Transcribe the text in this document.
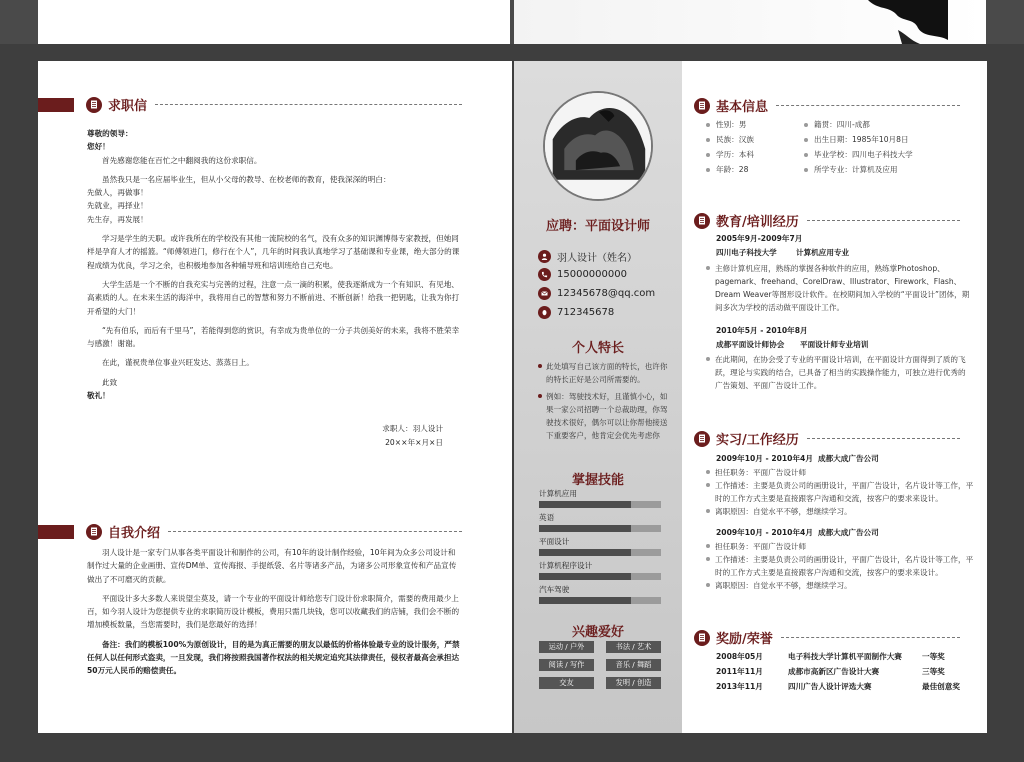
求职信
尊敬的领导：
您好！

首先感谢您能在百忙之中翻阅我的这份求职信。

虽然我只是一名应届毕业生，但从小父母的教导、在校老师的教育，使我深深的明白：
先做人，再做事！
先就业，再择业！
先生存，再发展！

学习是学生的天职。或许我所在的学校没有其他一流院校的名气，没有众多的知识渊博得专家教授，但她同样是孕育人才的摇篮。“师傅领进门，修行在个人”，几年的时间我认真地学习了基础课和专业课，绝大部分的课程成绩为优良，学习之余，也积极地参加各种辅导班和培训班给自己充电。

大学生活是一个不断的自我充实与完善的过程，注意一点一滴的积累，使我逐渐成为一个有知识、有见地、高素质的人。在未来生活的海洋中，我将用自己的智慧和努力不断前进、不断创新！给我一把钥匙，让我为你打开希望的大门！

“先有伯乐，而后有千里马”，若能得到您的赏识，有幸成为贵单位的一分子共创美好的未来，我将不胜荣幸与感激！谢谢。

在此，谨祝贵单位事业兴旺发达、蒸蒸日上。

此致
敬礼！
求职人：羽人设计
20××年×月×日
自我介绍

羽人设计是一家专门从事各类平面设计和制作的公司，有10年的设计制作经验，10年间为众多公司设计和制作过大量的企业画册、宣传DM单、宣传海报、手提纸袋、名片等诸多产品，为诸多公司形象宣传和产品宣传做出了不可磨灭的贡献。

平面设计多大多数人来说望尘莫及，请一个专业的平面设计师给您专门设计份求职简介，需要的费用最少上百，如今羽人设计为您提供专业的求职简历设计模板，费用只需几块钱，您可以收藏我们的店铺，我们会不断的增加模板数量，当您需要时，我们是您最好的选择！

备注：我们的模板100%为原创设计，目的是为真正需要的朋友以最低的价格体验最专业的设计服务，严禁任何人以任何形式盗卖，一旦发现，我们将按照我国著作权法的相关规定追究其法律责任，侵权者最高会承担达50万元人民币的赔偿责任。

应聘：平面设计师
羽人设计（姓名）
15000000000
12345678@qq.com
712345678
个人特长
此处填写自己该方面的特长，也许你的特长正好是公司所需要的。
例如：驾驶技术好，且谨慎小心，如果一家公司招聘一个总裁助理，你驾驶技术很好，偶尔可以让你帮他接送下重要客户，他肯定会优先考虑你
掌握技能
计算机应用
英语
平面设计
计算机程序设计
汽车驾驶
兴趣爱好
运动 / 户外	书法 / 艺术
阅读 / 写作	音乐 / 舞蹈
交友	发明 / 创造
基本信息
性别：男
民族：汉族
学历：本科
年龄：28
籍贯：四川-成都
出生日期：1985年10月8日
毕业学校：四川电子科技大学
所学专业：计算机及应用
教育/培训经历
2005年9月-2009年7月
四川电子科技大学	计算机应用专业
主修计算机应用，熟练的掌握各种软件的应用，熟练掌Photoshop、pagemark、freehand、CorelDraw、Illustrator、Firework、Flash、Dream Weaver等图形设计软件。在校期间加入学校的“平面设计”团体，期间多次为学校的活动做平面设计工作。
2010年5月 - 2010年8月
成都平面设计师协会 平面设计师专业培训
在此期间，在协会受了专业的平面设计培训，在平面设计方面得到了质的飞跃，理论与实践的结合，已具备了相当的实践操作能力，可独立进行优秀的广告策划、平面广告设计工作。
实习/工作经历
2009年10月 - 2010年4月 成都大成广告公司
担任职务：平面广告设计师
工作描述：主要是负责公司的画册设计，平面广告设计，名片设计等工作，平时的工作方式主要是直接跟客户沟通和交流，按客户的要求来设计。
离职原因：自觉水平不够，想继续学习。
2009年10月 - 2010年4月 成都大成广告公司
担任职务：平面广告设计师
工作描述：主要是负责公司的画册设计，平面广告设计，名片设计等工作，平时的工作方式主要是直接跟客户沟通和交流，按客户的要求来设计。
离职原因：自觉水平不够，想继续学习。
奖励/荣誉
2008年05月	电子科技大学计算机平面制作大赛	一等奖
2011年11月	成都市高新区广告设计大赛	三等奖
2013年11月	四川广告人设计评选大赛	最佳创意奖
